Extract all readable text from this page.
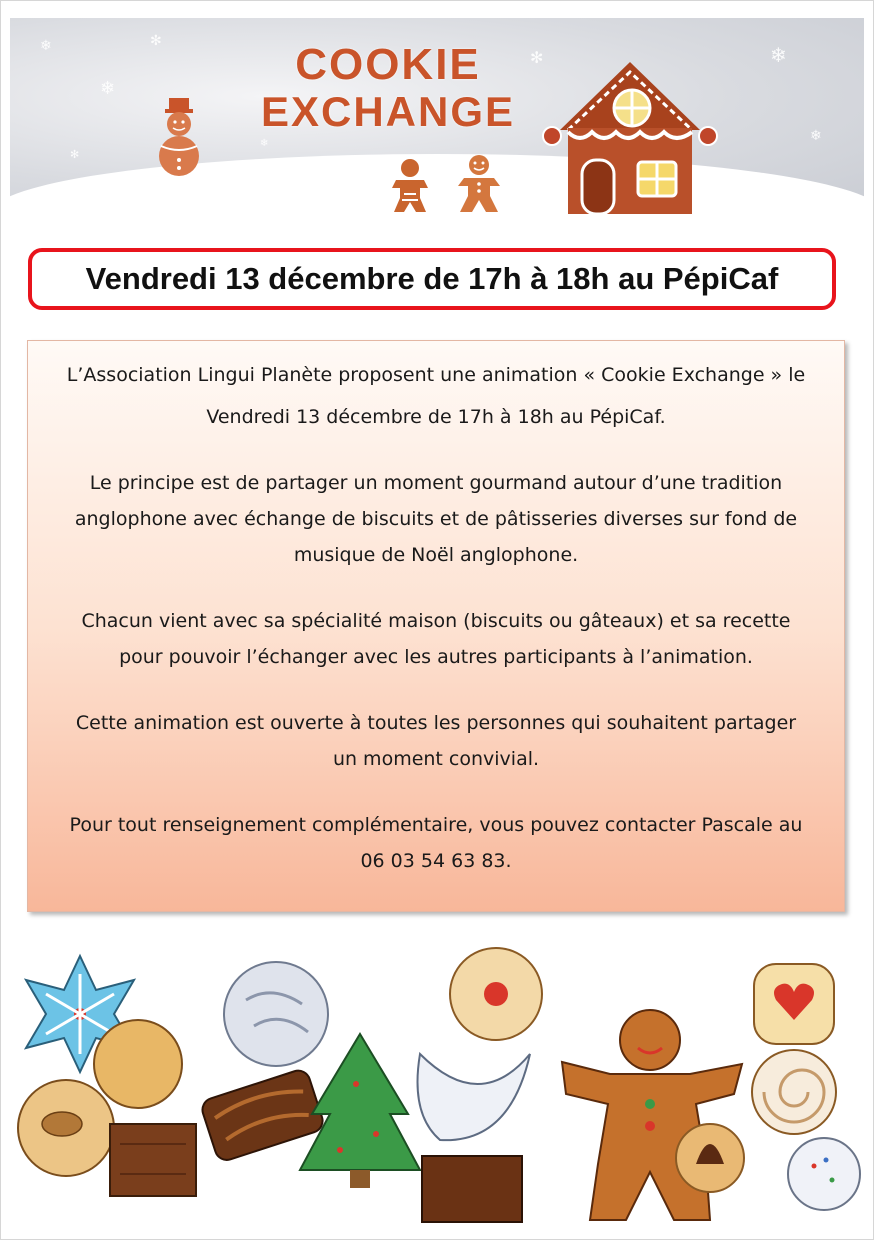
❄
❄
✻
❄
✻	❄
❄
✻
COOKIE
EXCHANGE
Vendredi 13 décembre de 17h à 18h au PépiCaf

L’Association Lingui Planète proposent une animation « Cookie Exchange » le

Vendredi 13 décembre de 17h à 18h au PépiCaf.

Le principe est de partager un moment gourmand autour d’une tradition

anglophone avec échange de biscuits et de pâtisseries diverses sur fond de

musique de Noël anglophone.

Chacun vient avec sa spécialité maison (biscuits ou gâteaux) et sa recette

pour pouvoir l’échanger avec les autres participants à l’animation.

Cette animation est ouverte à toutes les personnes qui souhaitent partager

un moment convivial.

Pour tout renseignement complémentaire, vous pouvez contacter Pascale au

06 03 54 63 83.
